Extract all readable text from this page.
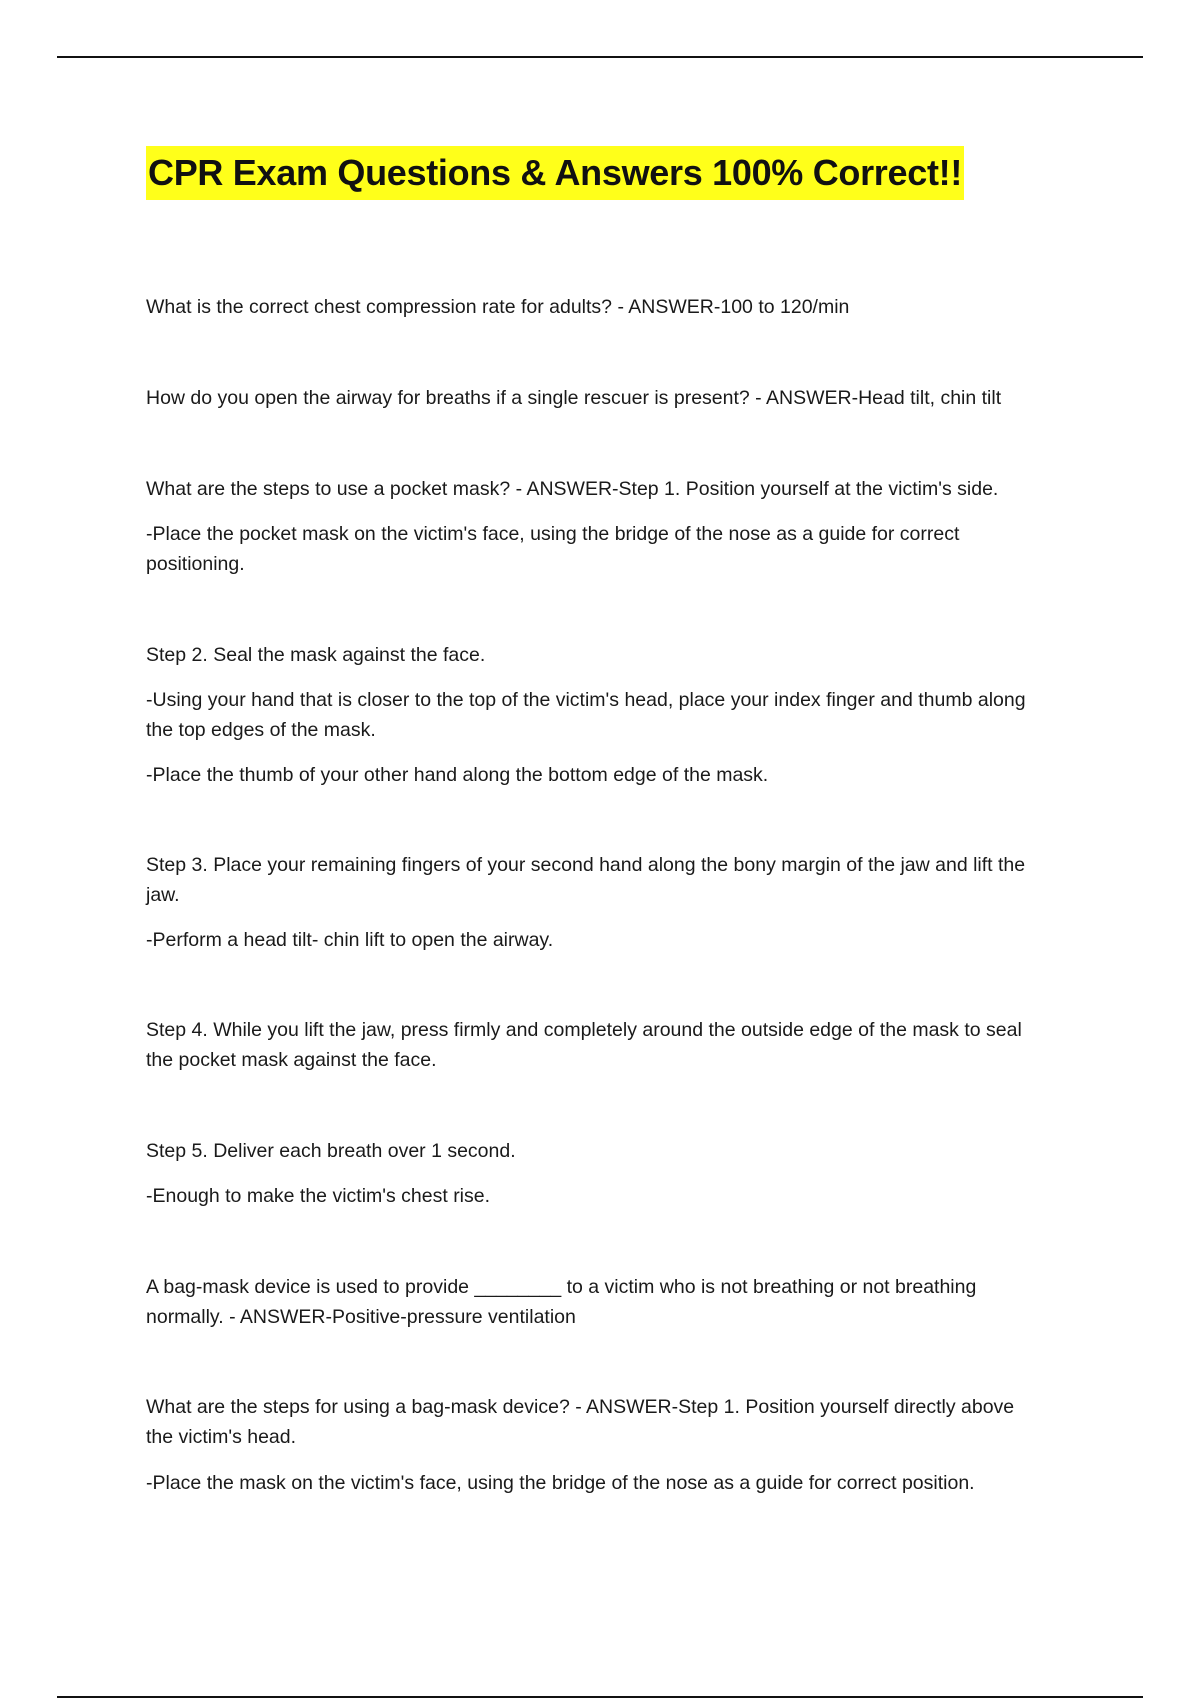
CPR Exam Questions & Answers 100% Correct!!

What is the correct chest compression rate for adults? - ANSWER-100 to 120/min

How do you open the airway for breaths if a single rescuer is present? - ANSWER-Head tilt, chin tilt

What are the steps to use a pocket mask? - ANSWER-Step 1. Position yourself at the victim's side.

-Place the pocket mask on the victim's face, using the bridge of the nose as a guide for correct positioning.

Step 2. Seal the mask against the face.

-Using your hand that is closer to the top of the victim's head, place your index finger and thumb along the top edges of the mask.

-Place the thumb of your other hand along the bottom edge of the mask.

Step 3. Place your remaining fingers of your second hand along the bony margin of the jaw and lift the jaw.

-Perform a head tilt- chin lift to open the airway.

Step 4. While you lift the jaw, press firmly and completely around the outside edge of the mask to seal the pocket mask against the face.

Step 5. Deliver each breath over 1 second.

-Enough to make the victim's chest rise.

A bag-mask device is used to provide ________ to a victim who is not breathing or not breathing normally. - ANSWER-Positive-pressure ventilation

What are the steps for using a bag-mask device? - ANSWER-Step 1. Position yourself directly above the victim's head.

-Place the mask on the victim's face, using the bridge of the nose as a guide for correct position.
